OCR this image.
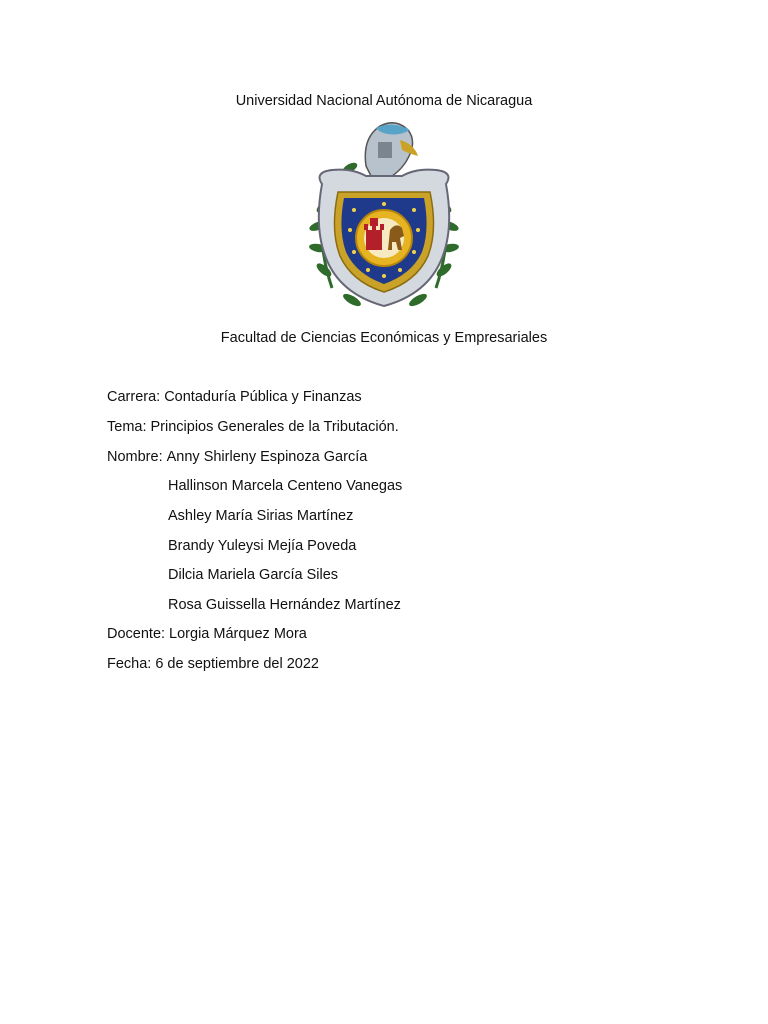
Universidad Nacional Autónoma de Nicaragua
Facultad de Ciencias Económicas y Empresariales
Carrera: Contaduría Pública y Finanzas
Tema: Principios Generales de la Tributación.
Nombre: Anny Shirleny Espinoza García
Hallinson Marcela Centeno Vanegas
Ashley María Sirias Martínez
Brandy Yuleysi Mejía Poveda
Dilcia Mariela García Siles
Rosa Guissella Hernández Martínez
Docente: Lorgia Márquez Mora
Fecha: 6 de septiembre del 2022
